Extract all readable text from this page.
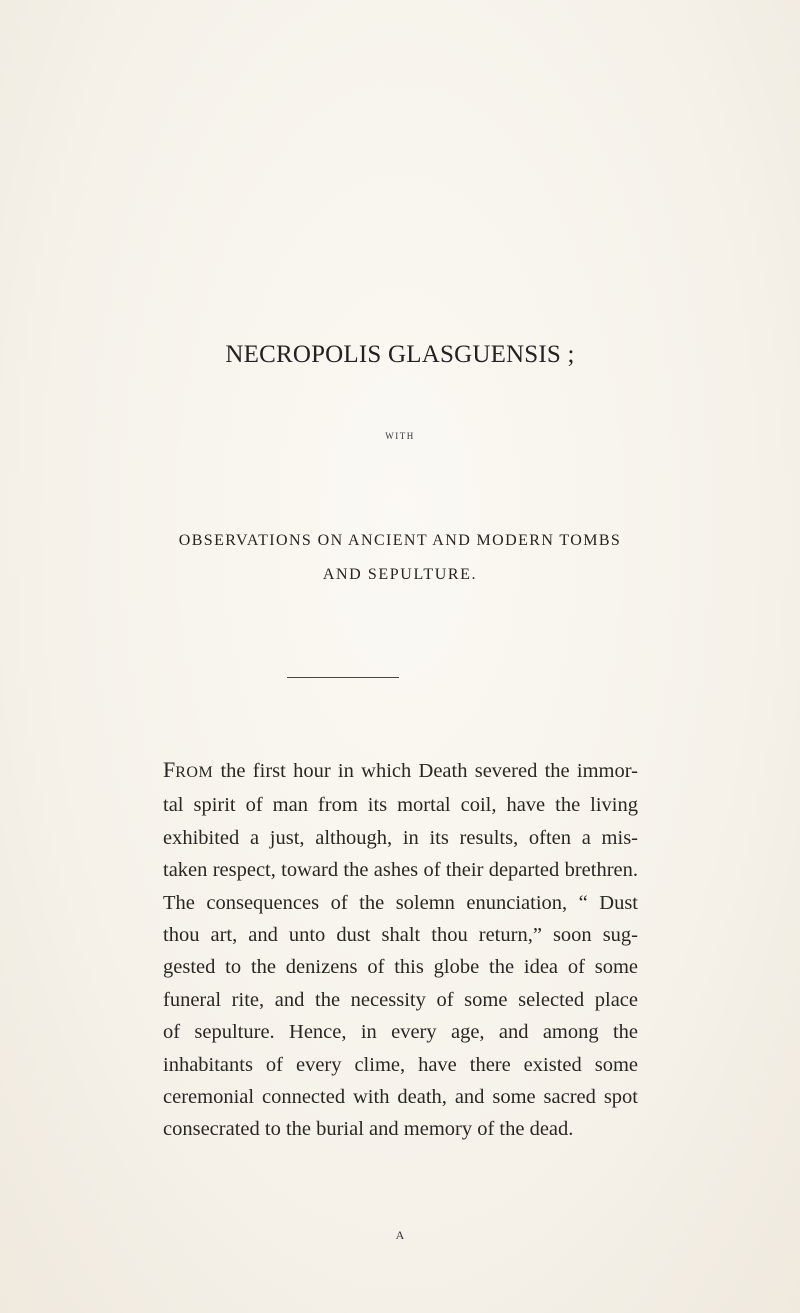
NECROPOLIS GLASGUENSIS ;
WITH
OBSERVATIONS ON ANCIENT AND MODERN TOMBS
AND SEPULTURE.
FROM the first hour in which Death severed the immor-
tal spirit of man from its mortal coil, have the living
exhibited a just, although, in its results, often a mis-
taken respect, toward the ashes of their departed brethren.
The consequences of the solemn enunciation, “ Dust
thou art, and unto dust shalt thou return,” soon sug-
gested to the denizens of this globe the idea of some
funeral rite, and the necessity of some selected place
of sepulture. Hence, in every age, and among the
inhabitants of every clime, have there existed some
ceremonial connected with death, and some sacred spot
consecrated to the burial and memory of the dead.
A
